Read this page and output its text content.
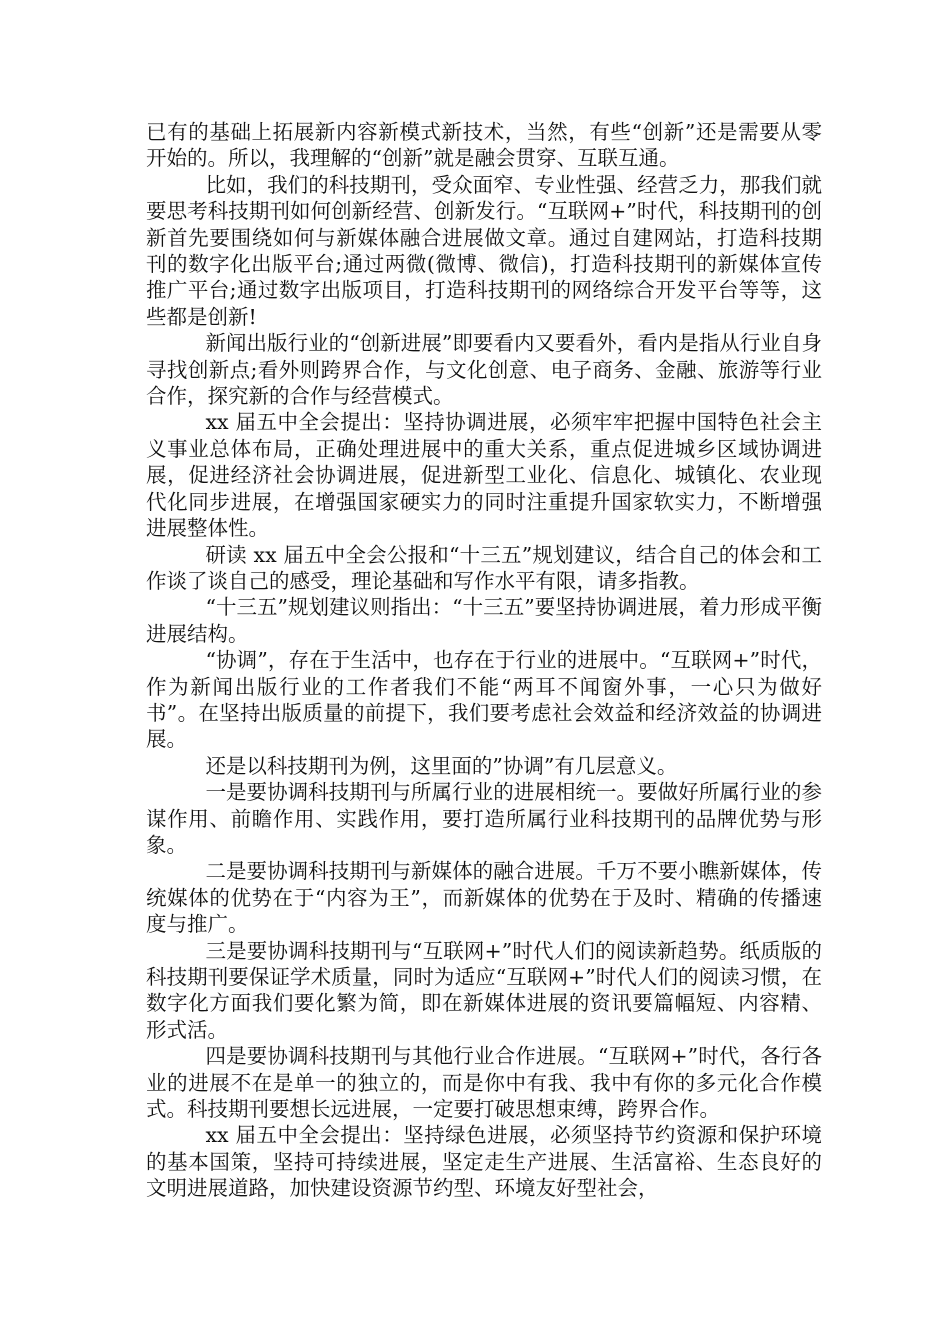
已有的基础上拓展新内容新模式新技术，当然，有些“创新”还是需要从零开始的。所以，我理解的“创新”就是融会贯穿、互联互通。

比如，我们的科技期刊，受众面窄、专业性强、经营乏力，那我们就要思考科技期刊如何创新经营、创新发行。“互联网+”时代，科技期刊的创新首先要围绕如何与新媒体融合进展做文章。通过自建网站，打造科技期刊的数字化出版平台;通过两微(微博、微信)，打造科技期刊的新媒体宣传推广平台;通过数字出版项目，打造科技期刊的网络综合开发平台等等，这些都是创新!

新闻出版行业的“创新进展”即要看内又要看外，看内是指从行业自身寻找创新点;看外则跨界合作，与文化创意、电子商务、金融、旅游等行业合作，探究新的合作与经营模式。

xx 届五中全会提出：坚持协调进展，必须牢牢把握中国特色社会主义事业总体布局，正确处理进展中的重大关系，重点促进城乡区域协调进展，促进经济社会协调进展，促进新型工业化、信息化、城镇化、农业现代化同步进展，在增强国家硬实力的同时注重提升国家软实力，不断增强进展整体性。

研读 xx 届五中全会公报和“十三五”规划建议，结合自己的体会和工作谈了谈自己的感受，理论基础和写作水平有限，请多指教。

“十三五”规划建议则指出：“十三五”要坚持协调进展，着力形成平衡进展结构。

“协调”，存在于生活中，也存在于行业的进展中。“互联网+”时代，作为新闻出版行业的工作者我们不能“两耳不闻窗外事，一心只为做好书”。在坚持出版质量的前提下，我们要考虑社会效益和经济效益的协调进展。

还是以科技期刊为例，这里面的”协调”有几层意义。

一是要协调科技期刊与所属行业的进展相统一。要做好所属行业的参谋作用、前瞻作用、实践作用，要打造所属行业科技期刊的品牌优势与形象。

二是要协调科技期刊与新媒体的融合进展。千万不要小瞧新媒体，传统媒体的优势在于“内容为王”，而新媒体的优势在于及时、精确的传播速度与推广。

三是要协调科技期刊与“互联网+”时代人们的阅读新趋势。纸质版的科技期刊要保证学术质量，同时为适应“互联网+”时代人们的阅读习惯，在数字化方面我们要化繁为简，即在新媒体进展的资讯要篇幅短、内容精、形式活。

四是要协调科技期刊与其他行业合作进展。“互联网+”时代，各行各业的进展不在是单一的独立的，而是你中有我、我中有你的多元化合作模式。科技期刊要想长远进展，一定要打破思想束缚，跨界合作。

xx 届五中全会提出：坚持绿色进展，必须坚持节约资源和保护环境的基本国策，坚持可持续进展，坚定走生产进展、生活富裕、生态良好的文明进展道路，加快建设资源节约型、环境友好型社会，
